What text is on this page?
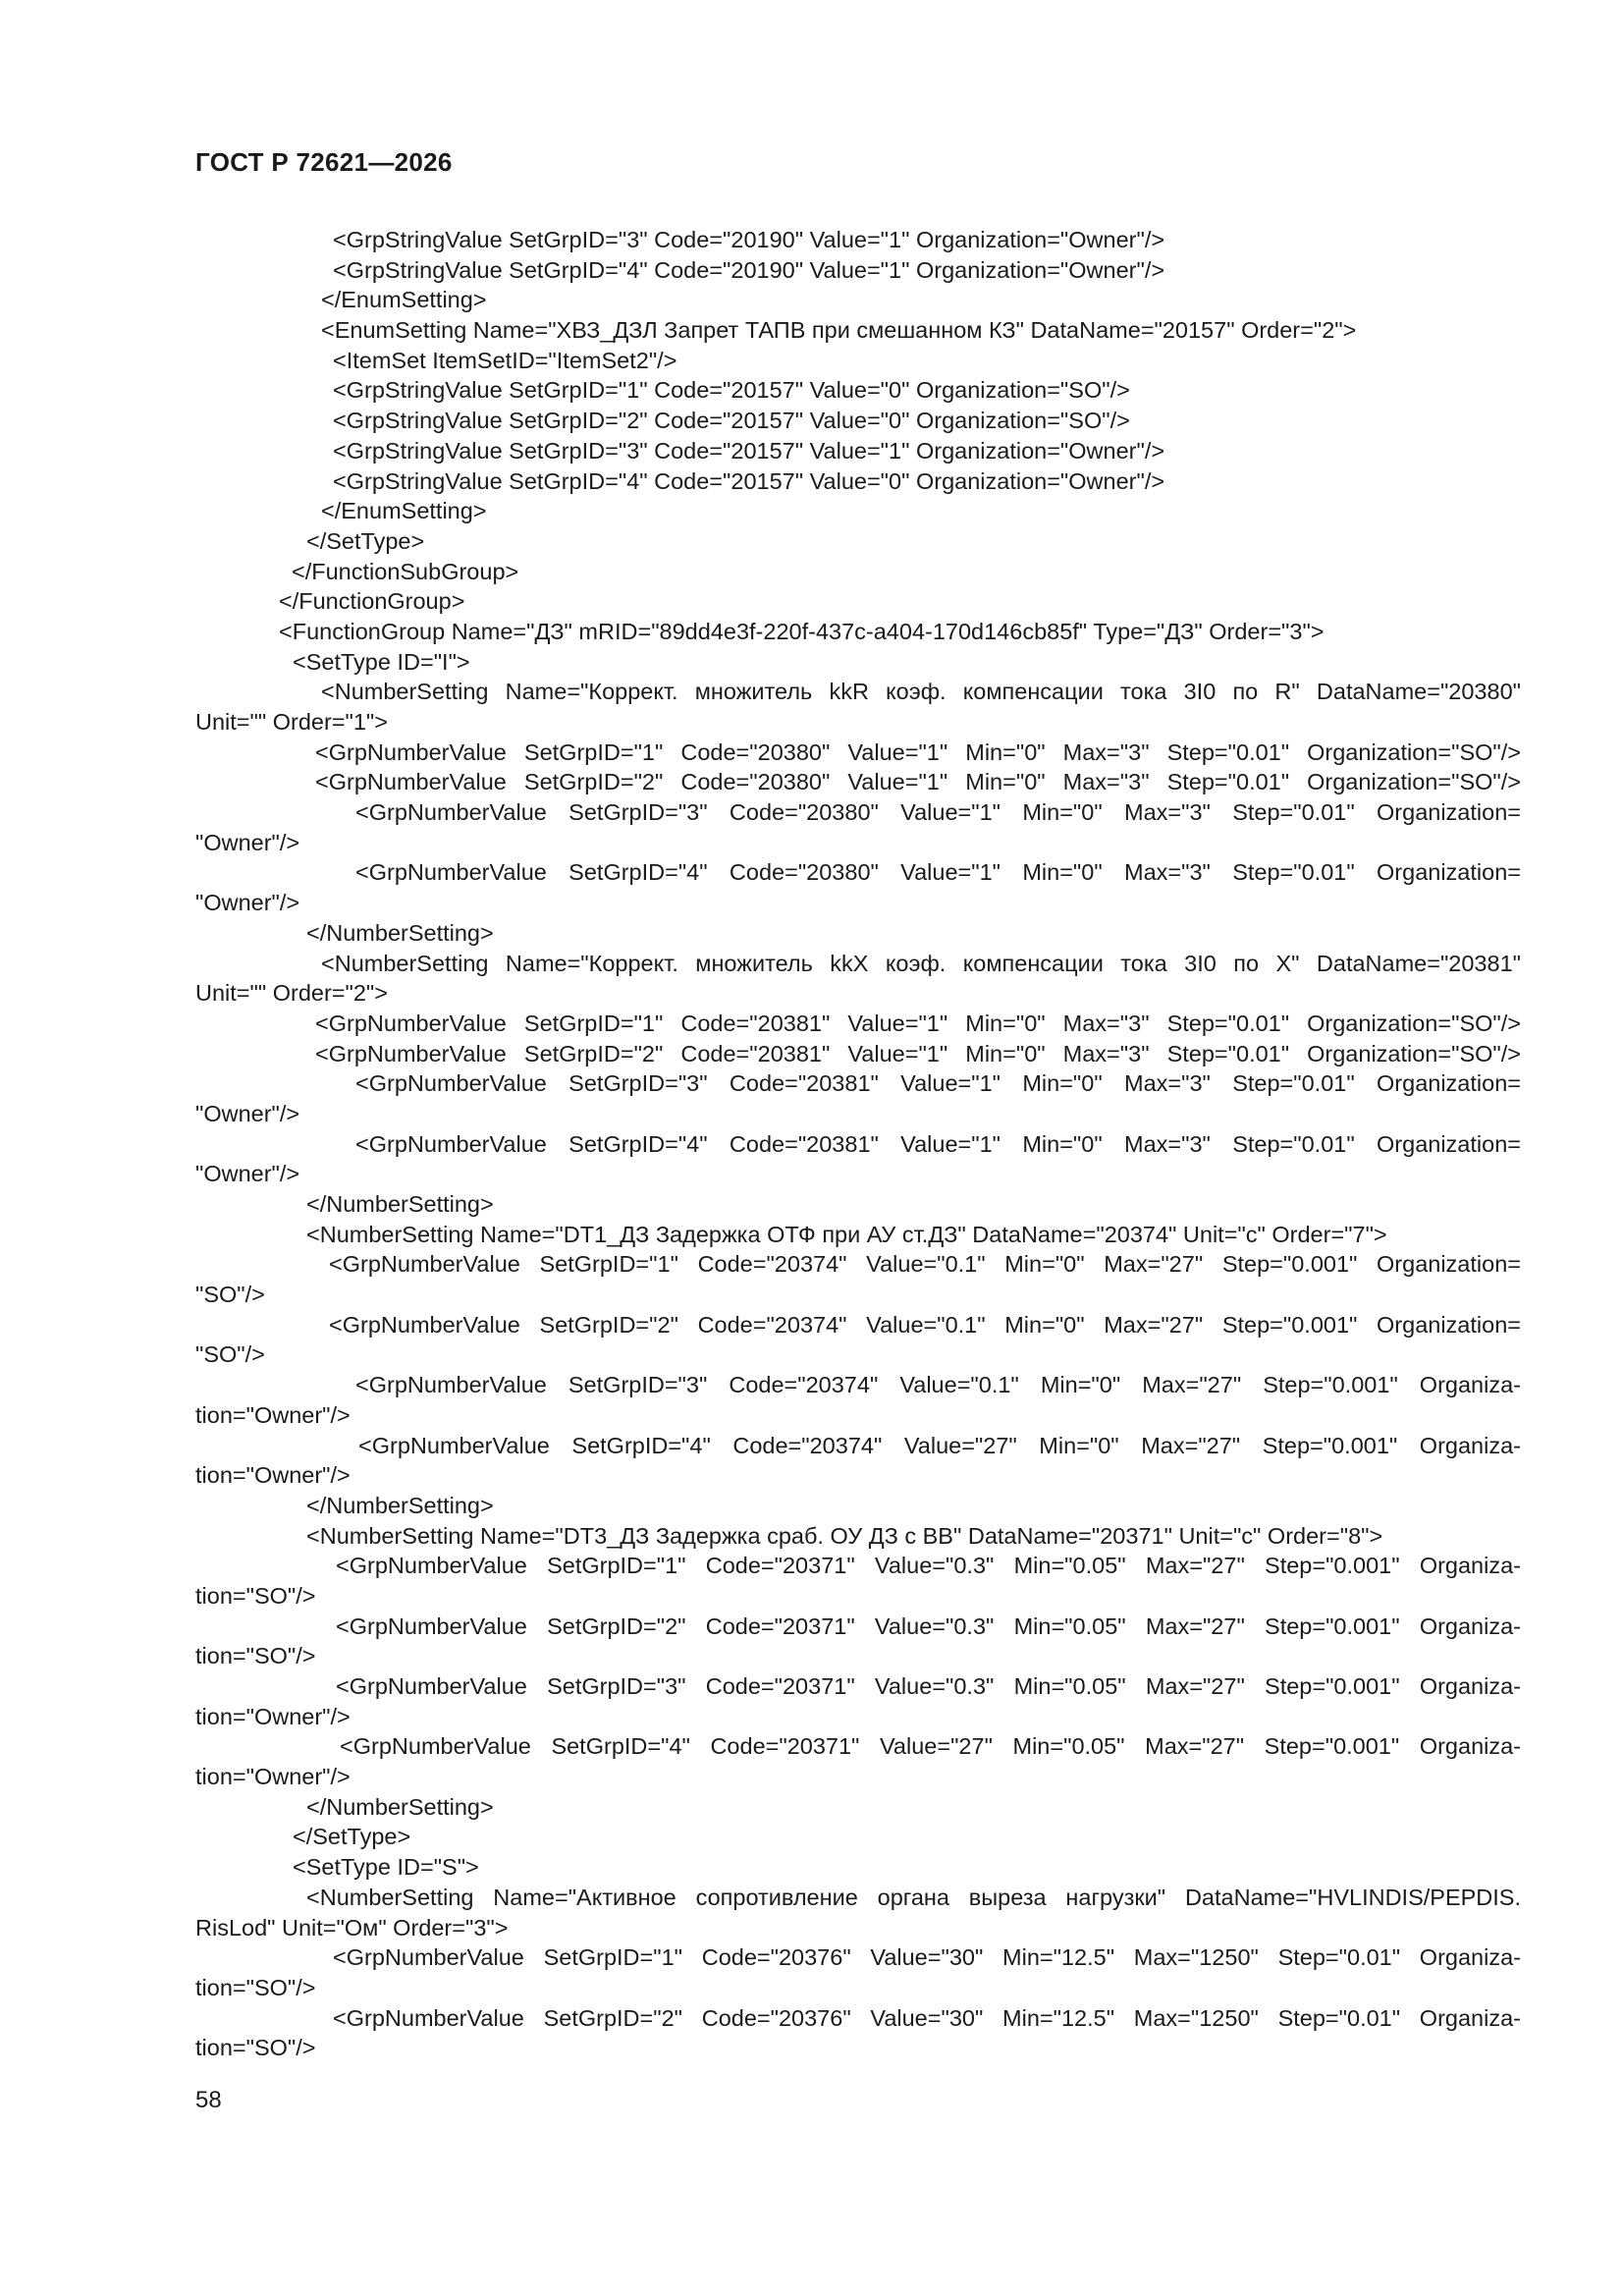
ГОСТ Р 72621—2026
<GrpStringValue SetGrpID="3" Code="20190" Value="1" Organization="Owner"/>
<GrpStringValue SetGrpID="4" Code="20190" Value="1" Organization="Owner"/>
</EnumSetting>
<EnumSetting Name="ХВЗ_ДЗЛ Запрет ТАПВ при смешанном КЗ" DataName="20157" Order="2">
<ItemSet ItemSetID="ItemSet2"/>
<GrpStringValue SetGrpID="1" Code="20157" Value="0" Organization="SO"/>
<GrpStringValue SetGrpID="2" Code="20157" Value="0" Organization="SO"/>
<GrpStringValue SetGrpID="3" Code="20157" Value="1" Organization="Owner"/>
<GrpStringValue SetGrpID="4" Code="20157" Value="0" Organization="Owner"/>
</EnumSetting>
</SetType>
</FunctionSubGroup>
</FunctionGroup>
<FunctionGroup Name="ДЗ" mRID="89dd4e3f-220f-437c-a404-170d146cb85f" Type="ДЗ" Order="3">
<SetType ID="I">
<NumberSetting Name="Коррект. множитель kkR коэф. компенсации тока 3I0 по R" DataName="20380"
Unit="" Order="1">
<GrpNumberValue SetGrpID="1" Code="20380" Value="1" Min="0" Max="3" Step="0.01" Organization="SO"/>
<GrpNumberValue SetGrpID="2" Code="20380" Value="1" Min="0" Max="3" Step="0.01" Organization="SO"/>
<GrpNumberValue SetGrpID="3" Code="20380" Value="1" Min="0" Max="3" Step="0.01" Organization=
"Owner"/>
<GrpNumberValue SetGrpID="4" Code="20380" Value="1" Min="0" Max="3" Step="0.01" Organization=
"Owner"/>
</NumberSetting>
<NumberSetting Name="Коррект. множитель kkX коэф. компенсации тока 3I0 по X" DataName="20381"
Unit="" Order="2">
<GrpNumberValue SetGrpID="1" Code="20381" Value="1" Min="0" Max="3" Step="0.01" Organization="SO"/>
<GrpNumberValue SetGrpID="2" Code="20381" Value="1" Min="0" Max="3" Step="0.01" Organization="SO"/>
<GrpNumberValue SetGrpID="3" Code="20381" Value="1" Min="0" Max="3" Step="0.01" Organization=
"Owner"/>
<GrpNumberValue SetGrpID="4" Code="20381" Value="1" Min="0" Max="3" Step="0.01" Organization=
"Owner"/>
</NumberSetting>
<NumberSetting Name="DT1_ДЗ Задержка ОТФ при АУ ст.ДЗ" DataName="20374" Unit="с" Order="7">
<GrpNumberValue SetGrpID="1" Code="20374" Value="0.1" Min="0" Max="27" Step="0.001" Organization=
"SO"/>
<GrpNumberValue SetGrpID="2" Code="20374" Value="0.1" Min="0" Max="27" Step="0.001" Organization=
"SO"/>
<GrpNumberValue SetGrpID="3" Code="20374" Value="0.1" Min="0" Max="27" Step="0.001" Organiza-
tion="Owner"/>
<GrpNumberValue SetGrpID="4" Code="20374" Value="27" Min="0" Max="27" Step="0.001" Organiza-
tion="Owner"/>
</NumberSetting>
<NumberSetting Name="DT3_ДЗ Задержка сраб. ОУ ДЗ с ВВ" DataName="20371" Unit="с" Order="8">
<GrpNumberValue SetGrpID="1" Code="20371" Value="0.3" Min="0.05" Max="27" Step="0.001" Organiza-
tion="SO"/>
<GrpNumberValue SetGrpID="2" Code="20371" Value="0.3" Min="0.05" Max="27" Step="0.001" Organiza-
tion="SO"/>
<GrpNumberValue SetGrpID="3" Code="20371" Value="0.3" Min="0.05" Max="27" Step="0.001" Organiza-
tion="Owner"/>
<GrpNumberValue SetGrpID="4" Code="20371" Value="27" Min="0.05" Max="27" Step="0.001" Organiza-
tion="Owner"/>
</NumberSetting>
</SetType>
<SetType ID="S">
<NumberSetting Name="Активное сопротивление органа выреза нагрузки" DataName="HVLINDIS/PEPDIS.
RisLod" Unit="Ом" Order="3">
<GrpNumberValue SetGrpID="1" Code="20376" Value="30" Min="12.5" Max="1250" Step="0.01" Organiza-
tion="SO"/>
<GrpNumberValue SetGrpID="2" Code="20376" Value="30" Min="12.5" Max="1250" Step="0.01" Organiza-
tion="SO"/>
58
